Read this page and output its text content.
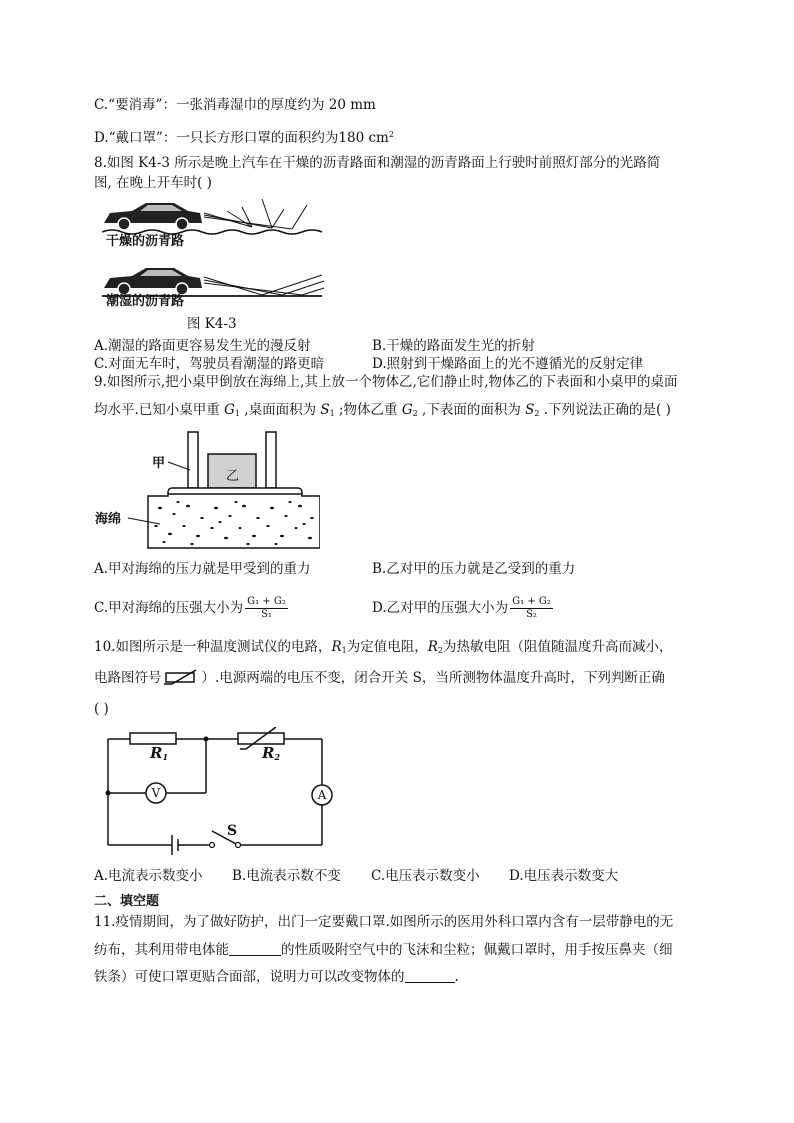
C.“要消毒”：一张消毒湿巾的厚度约为 20 mm
D.“戴口罩”：一只长方形口罩的面积约为180 $cm^2$
8.如图 K4-3 所示是晚上汽车在干燥的沥青路面和潮湿的沥青路面上行驶时前照灯部分的光路简
图, 在晚上开车时( )
干燥的沥青路
潮湿的沥青路
图 K4-3
A.潮湿的路面更容易发生光的漫反射	B.干燥的路面发生光的折射
C.对面无车时，驾驶员看潮湿的路更暗	D.照射到干燥路面上的光不遵循光的反射定律
9.如图所示,把小桌甲倒放在海绵上,其上放一个物体乙,它们静止时,物体乙的下表面和小桌甲的桌面
均水平.已知小桌甲重 $G_1$ ,桌面面积为 $S_1$ ;物体乙重 $G_2$ ,下表面的面积为 $S_2$ .下列说法正确的是( )
甲
乙
海绵
A.甲对海绵的压力就是甲受到的重力	B.乙对甲的压力就是乙受到的重力
C.甲对海绵的压强大小为 $\frac{\text{G₁ + G₂}}{\text{S₁}}$	D.乙对甲的压强大小为 $\frac{\text{G₁ + G₂}}{\text{S₂}}$
10.如图所示是一种温度测试仪的电路，$R_1$为定值电阻，$R_2$为热敏电阻（阻值随温度升高而减小，
电路图符号	）.电源两端的电压不变，闭合开关 S，当所测物体温度升高时，下列判断正确
( )
$R_1$	$R_2$
V	A
S
A.电流表示数变小 B.电流表示数不变 C.电压表示数变小 D.电压表示数变大
二、填空题
11.疫情期间，为了做好防护，出门一定要戴口罩.如图所示的医用外科口罩内含有一层带静电的无
纺布，其利用带电体能	的性质吸附空气中的飞沫和尘粒；佩戴口罩时，用手按压鼻夹（细
铁条）可使口罩更贴合面部，说明力可以改变物体的	.
